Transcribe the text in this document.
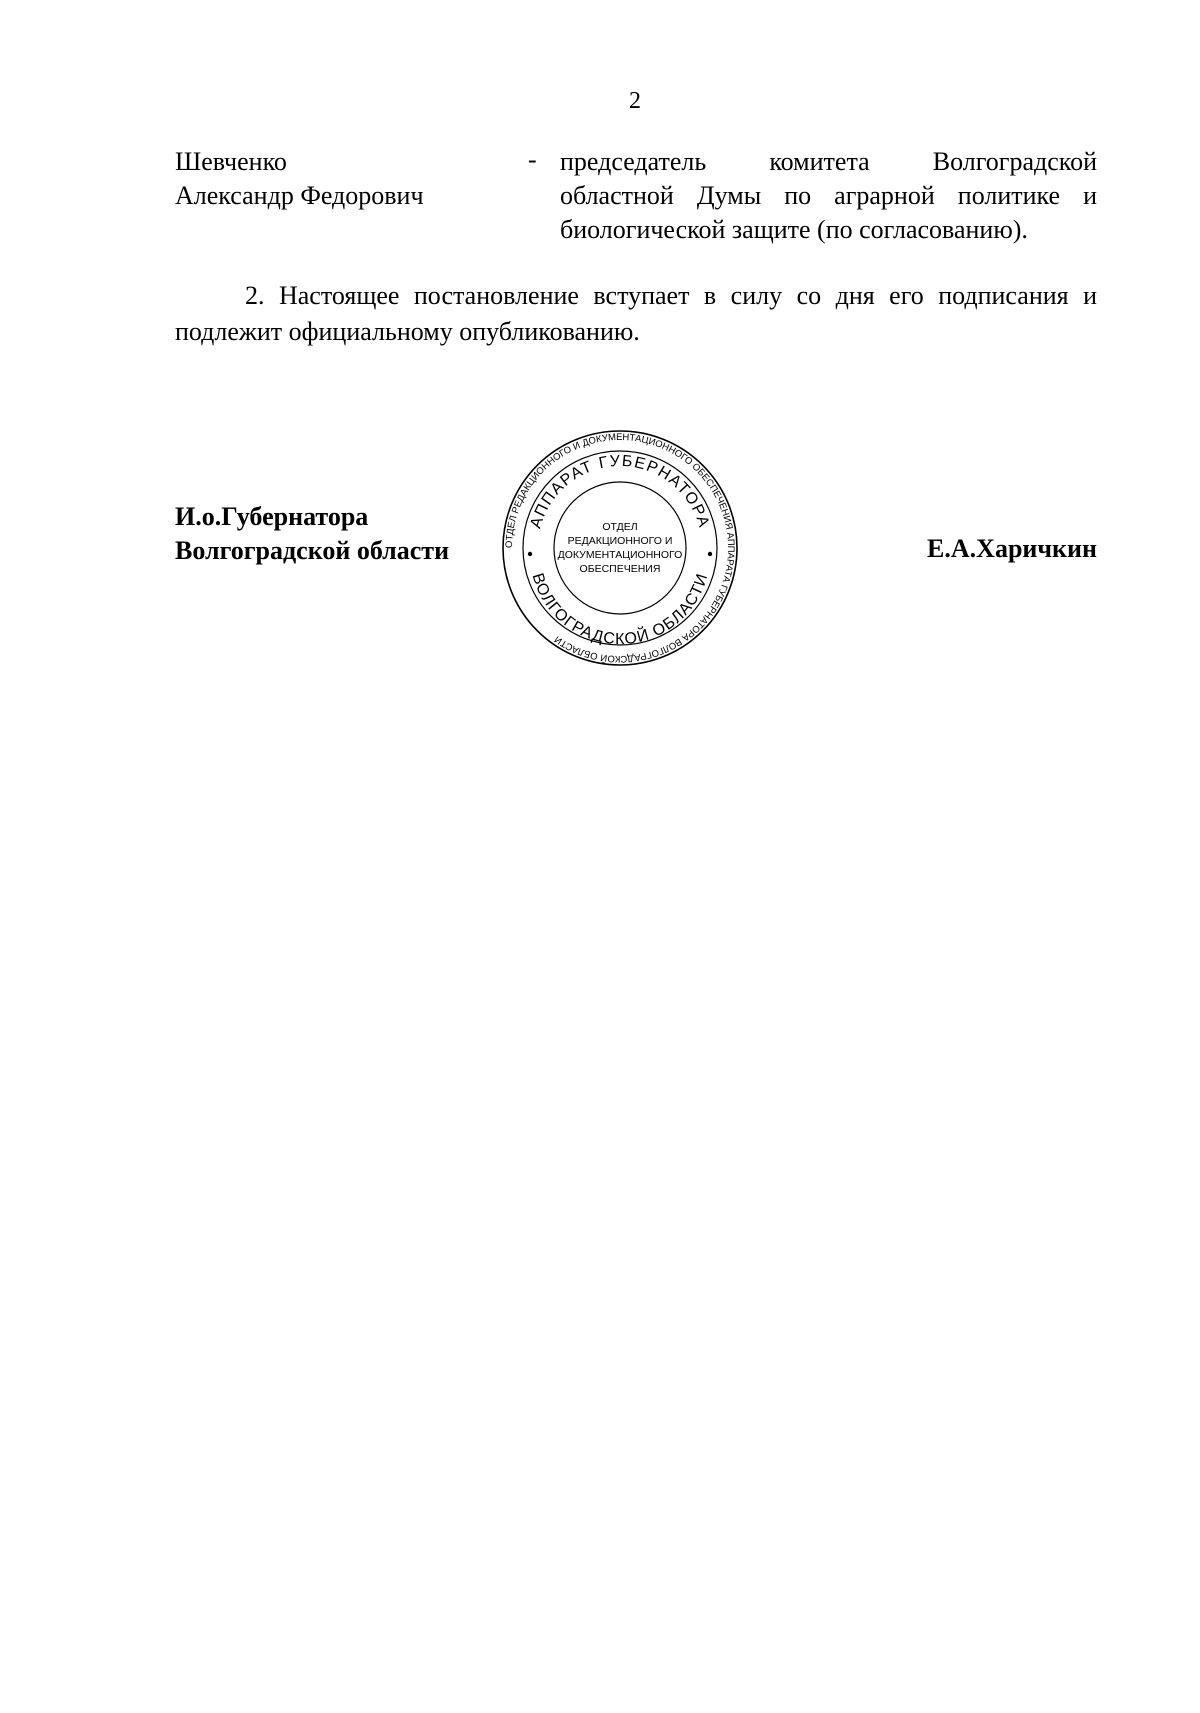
2
Шевченко
Александр Федорович
- председатель комитета Волгоградской областной Думы по аграрной политике и биологической защите (по согласованию).
2. Настоящее постановление вступает в силу со дня его подписания и подлежит официальному опубликованию.
И.о.Губернатора
Волгоградской области	Е.А.Харичкин
ОТДЕЛ РЕДАКЦИОННОГО И ДОКУМЕНТАЦИОННОГО ОБЕСПЕЧЕНИЯ АППАРАТА ГУБЕРНАТОРА ВОЛГОГРАДСКОЙ ОБЛАСТИ
АППАРАТ ГУБЕРНАТОРА
ВОЛГОГРАДСКОЙ ОБЛАСТИ
ОТДЕЛ
РЕДАКЦИОННОГО И
ДОКУМЕНТАЦИОННОГО
ОБЕСПЕЧЕНИЯ
